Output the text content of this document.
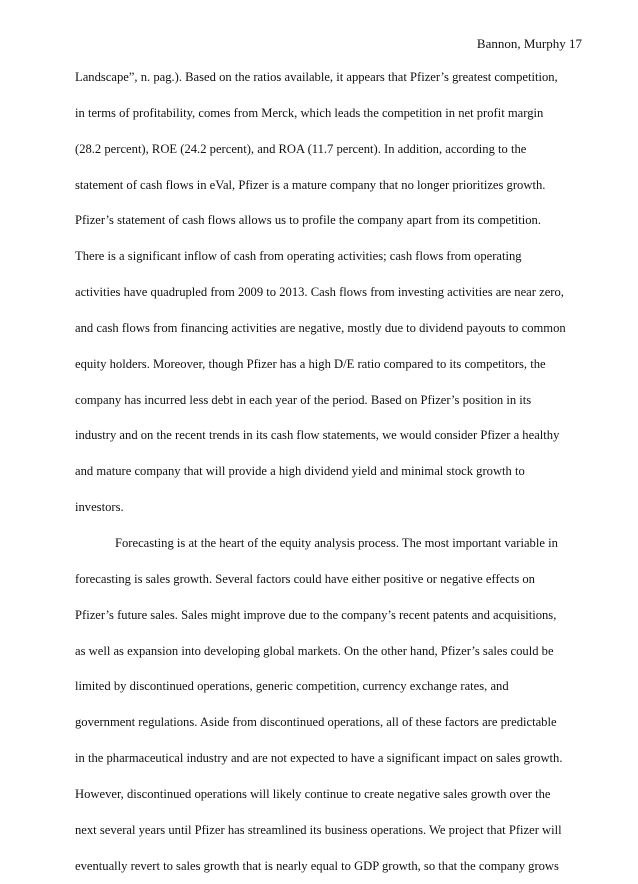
Bannon, Murphy 17
Landscape”, n. pag.). Based on the ratios available, it appears that Pfizer’s greatest competition,
in terms of profitability, comes from Merck, which leads the competition in net profit margin
(28.2 percent), ROE (24.2 percent), and ROA (11.7 percent). In addition, according to the
statement of cash flows in eVal, Pfizer is a mature company that no longer prioritizes growth.
Pfizer’s statement of cash flows allows us to profile the company apart from its competition.
There is a significant inflow of cash from operating activities; cash flows from operating
activities have quadrupled from 2009 to 2013. Cash flows from investing activities are near zero,
and cash flows from financing activities are negative, mostly due to dividend payouts to common
equity holders. Moreover, though Pfizer has a high D/E ratio compared to its competitors, the
company has incurred less debt in each year of the period. Based on Pfizer’s position in its
industry and on the recent trends in its cash flow statements, we would consider Pfizer a healthy
and mature company that will provide a high dividend yield and minimal stock growth to
investors.
Forecasting is at the heart of the equity analysis process. The most important variable in
forecasting is sales growth. Several factors could have either positive or negative effects on
Pfizer’s future sales. Sales might improve due to the company’s recent patents and acquisitions,
as well as expansion into developing global markets. On the other hand, Pfizer’s sales could be
limited by discontinued operations, generic competition, currency exchange rates, and
government regulations. Aside from discontinued operations, all of these factors are predictable
in the pharmaceutical industry and are not expected to have a significant impact on sales growth.
However, discontinued operations will likely continue to create negative sales growth over the
next several years until Pfizer has streamlined its business operations. We project that Pfizer will
eventually revert to sales growth that is nearly equal to GDP growth, so that the company grows
